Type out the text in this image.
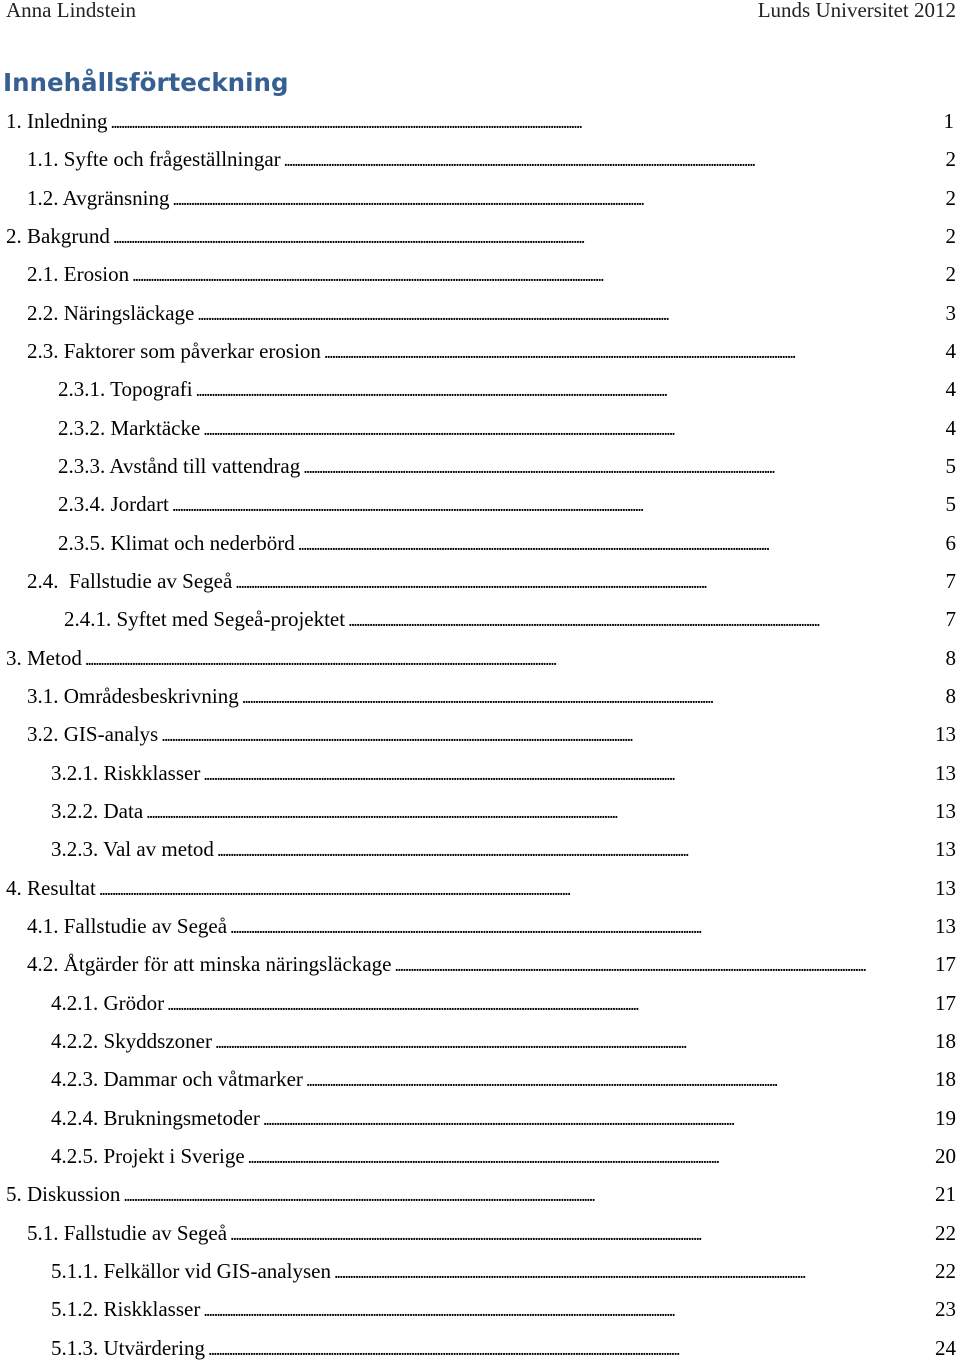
Anna Lindstein	Lunds Universitet 2012
Innehållsförteckning
1. Inledning . . .	1
1.1. Syfte och frågeställningar . . .	2
1.2. Avgränsning . . .	2
2. Bakgrund . . .	2
2.1. Erosion . . .	2
2.2. Näringsläckage . . .	3
2.3. Faktorer som påverkar erosion . . .	4
2.3.1. Topografi . . .	4
2.3.2. Marktäcke . . .	4
2.3.3. Avstånd till vattendrag . . .	5
2.3.4. Jordart . . .	5
2.3.5. Klimat och nederbörd . . .	6
2.4.  Fallstudie av Segeå . . .	7
2.4.1. Syftet med Segeå-projektet . . .	7
3. Metod . . .	8
3.1. Områdesbeskrivning . . .	8
3.2. GIS-analys . . .	13
3.2.1. Riskklasser . . .	13
3.2.2. Data . . .	13
3.2.3. Val av metod . . .	13
4. Resultat . . .	13
4.1. Fallstudie av Segeå . . .	13
4.2. Åtgärder för att minska näringsläckage . . .	17
4.2.1. Grödor . . .	17
4.2.2. Skyddszoner . . .	18
4.2.3. Dammar och våtmarker . . .	18
4.2.4. Brukningsmetoder . . .	19
4.2.5. Projekt i Sverige . . .	20
5. Diskussion . . .	21
5.1. Fallstudie av Segeå . . .	22
5.1.1. Felkällor vid GIS-analysen . . .	22
5.1.2. Riskklasser . . .	23
5.1.3. Utvärdering . . .	24
